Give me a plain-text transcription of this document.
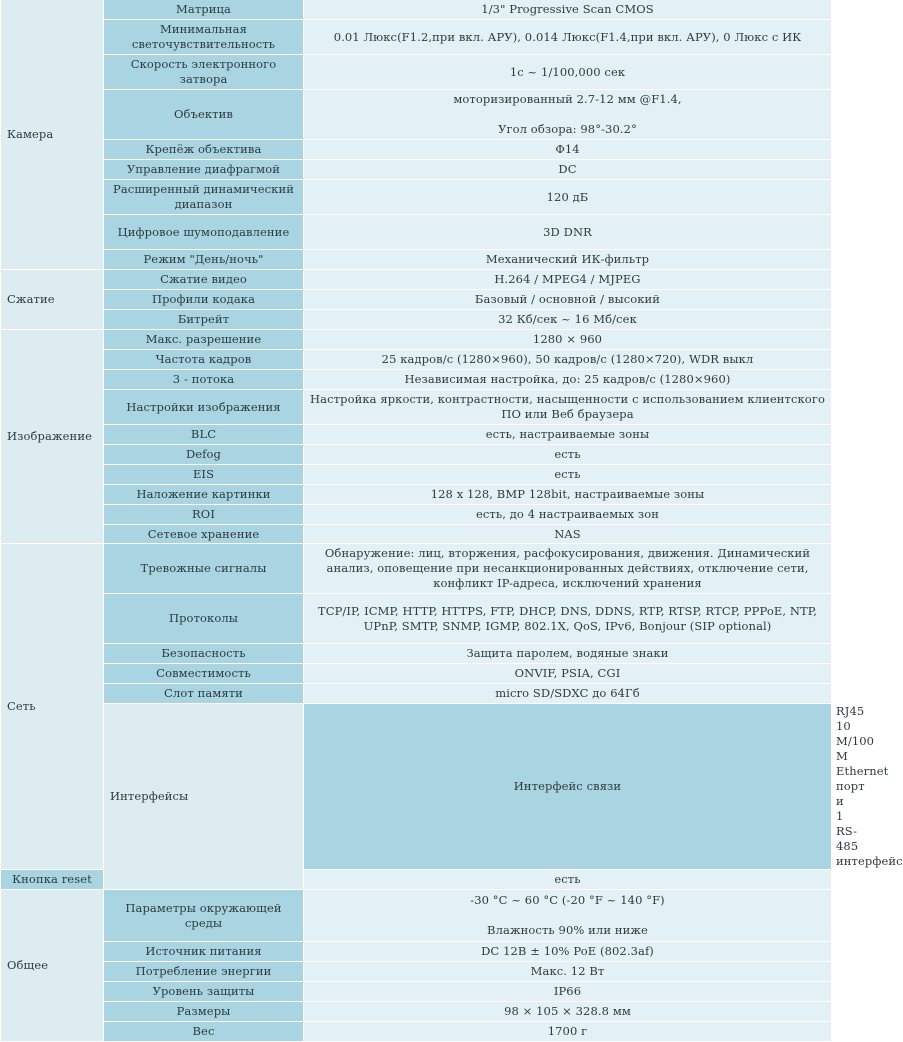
Камера	Матрица	1/3" Progressive Scan CMOS	
	Минимальная светочувствительность	0.01 Люкс(F1.2,при вкл. АРУ), 0.014 Люкс(F1.4,при вкл. АРУ), 0 Люкс с ИК	
	Скорость электронного затвора	1с ~ 1/100,000 сек	
	Объектив	моторизированный 2.7-12 мм @F1.4,

Угол обзора: 98°-30.2°	

	Крепёж объектива	Φ14	
	Управление диафрагмой	DC	
	Расширенный динамический диапазон	120 дБ	
	Цифровое шумоподавление	3D DNR	
	Режим "День/ночь"	Механический ИК-фильтр	
Сжатие	Сжатие видео	H.264 / MPEG4 / MJPEG	
	Профили кодака	Базовый / основной / высокий	
	Битрейт	32 Кб/сек ~ 16 Мб/сек	
Изображение	Макс. разрешение	1280 × 960	
	Частота кадров	25 кадров/с (1280×960), 50 кадров/с (1280×720), WDR выкл	
	3 - потока	Независимая настройка, до: 25 кадров/с (1280×960)	
	Настройки изображения	Настройка яркости, контрастности, насыщенности с использованием клиентского ПО или Веб браузера	
	BLC	есть, настраиваемые зоны	
	Defog	есть	
	EIS	есть	
	Наложение картинки	128 x 128, BMP 128bit, настраиваемые зоны	
	ROI	есть, до 4 настраиваемых зон	
	Сетевое хранение	NAS	
Сеть	Тревожные сигналы	Обнаружение: лиц, вторжения, расфокусирования, движения. Динамический анализ, оповещение при несанкционированных действиях, отключение сети, конфликт IP-адреса, исключений хранения	
	Протоколы	TCP/IP, ICMP, HTTP, HTTPS, FTP, DHCP, DNS, DDNS, RTP, RTSP, RTCP, PPPoE, NTP, UPnP, SMTP, SNMP, IGMP, 802.1X, QoS, IPv6, Bonjour (SIP optional)	
	Безопасность	Защита паролем, водяные знаки	
	Совместимость	ONVIF, PSIA, CGI	
	Слот памяти	micro SD/SDXC до 64Гб	
	Интерфейсы	Интерфейс связи	RJ45 10 M/100 M Ethernet порт и 1 RS-485 интерфейс
Кнопка reset		есть	
Общее	Параметры окружающей среды	-30 °C ~ 60 °C (-20 °F ~ 140 °F)

Влажность 90% или ниже	

	Источник питания	DC 12В ± 10% PoE (802.3af)	
	Потребление энергии	Макс. 12 Вт	
	Уровень защиты	IP66	
	Размеры	98 × 105 × 328.8 мм	
	Вес	1700 г	
